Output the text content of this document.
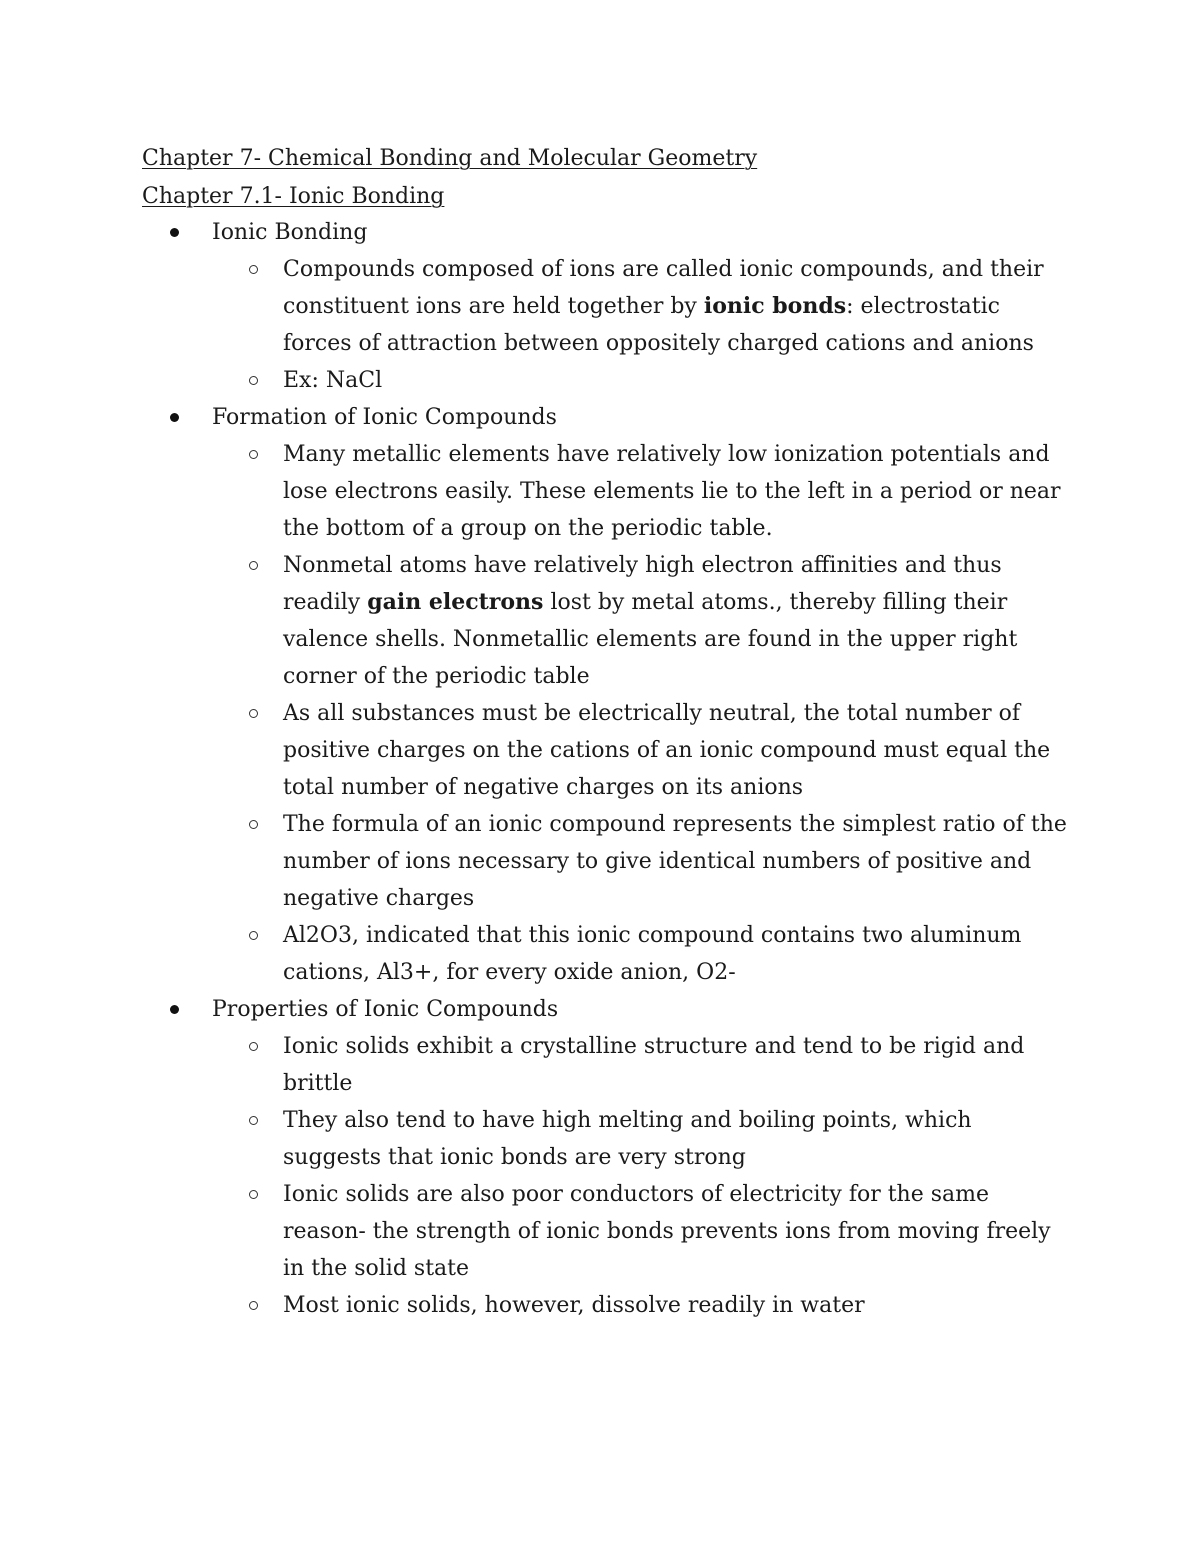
Chapter 7- Chemical Bonding and Molecular Geometry
Chapter 7.1- Ionic Bonding
Ionic Bonding
Compounds composed of ions are called ionic compounds, and their constituent ions are held together by ionic bonds: electrostatic forces of attraction between oppositely charged cations and anions
Ex: NaCl
Formation of Ionic Compounds
Many metallic elements have relatively low ionization potentials and lose electrons easily. These elements lie to the left in a period or near the bottom of a group on the periodic table.
Nonmetal atoms have relatively high electron affinities and thus readily gain electrons lost by metal atoms., thereby filling their valence shells. Nonmetallic elements are found in the upper right corner of the periodic table
As all substances must be electrically neutral, the total number of positive charges on the cations of an ionic compound must equal the total number of negative charges on its anions
The formula of an ionic compound represents the simplest ratio of the number of ions necessary to give identical numbers of positive and negative charges
Al2O3, indicated that this ionic compound contains two aluminum cations, Al3+, for every oxide anion, O2-
Properties of Ionic Compounds
Ionic solids exhibit a crystalline structure and tend to be rigid and brittle
They also tend to have high melting and boiling points, which suggests that ionic bonds are very strong
Ionic solids are also poor conductors of electricity for the same reason- the strength of ionic bonds prevents ions from moving freely in the solid state
Most ionic solids, however, dissolve readily in water
